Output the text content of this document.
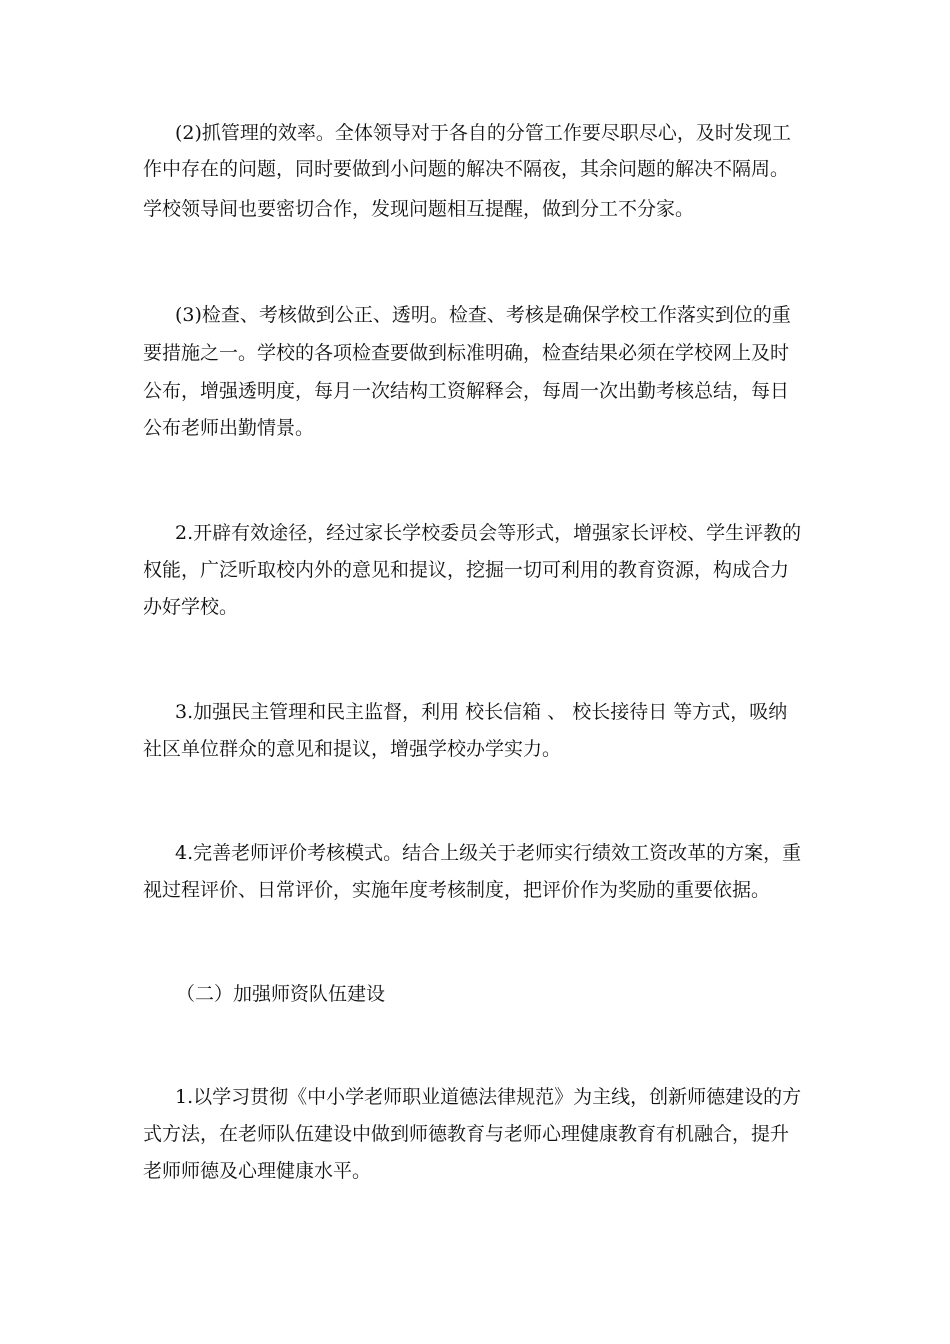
(2)抓管理的效率。全体领导对于各自的分管工作要尽职尽心，及时发现工
作中存在的问题，同时要做到小问题的解决不隔夜，其余问题的解决不隔周。
学校领导间也要密切合作，发现问题相互提醒，做到分工不分家。
(3)检查、考核做到公正、透明。检查、考核是确保学校工作落实到位的重
要措施之一。学校的各项检查要做到标准明确，检查结果必须在学校网上及时
公布，增强透明度，每月一次结构工资解释会，每周一次出勤考核总结，每日
公布老师出勤情景。
2.开辟有效途径，经过家长学校委员会等形式，增强家长评校、学生评教的
权能，广泛听取校内外的意见和提议，挖掘一切可利用的教育资源，构成合力
办好学校。
3.加强民主管理和民主监督，利用 校长信箱 、 校长接待日 等方式，吸纳
社区单位群众的意见和提议，增强学校办学实力。
4.完善老师评价考核模式。结合上级关于老师实行绩效工资改革的方案，重
视过程评价、日常评价，实施年度考核制度，把评价作为奖励的重要依据。
（二）加强师资队伍建设
1.以学习贯彻《中小学老师职业道德法律规范》为主线，创新师德建设的方
式方法，在老师队伍建设中做到师德教育与老师心理健康教育有机融合，提升
老师师德及心理健康水平。
